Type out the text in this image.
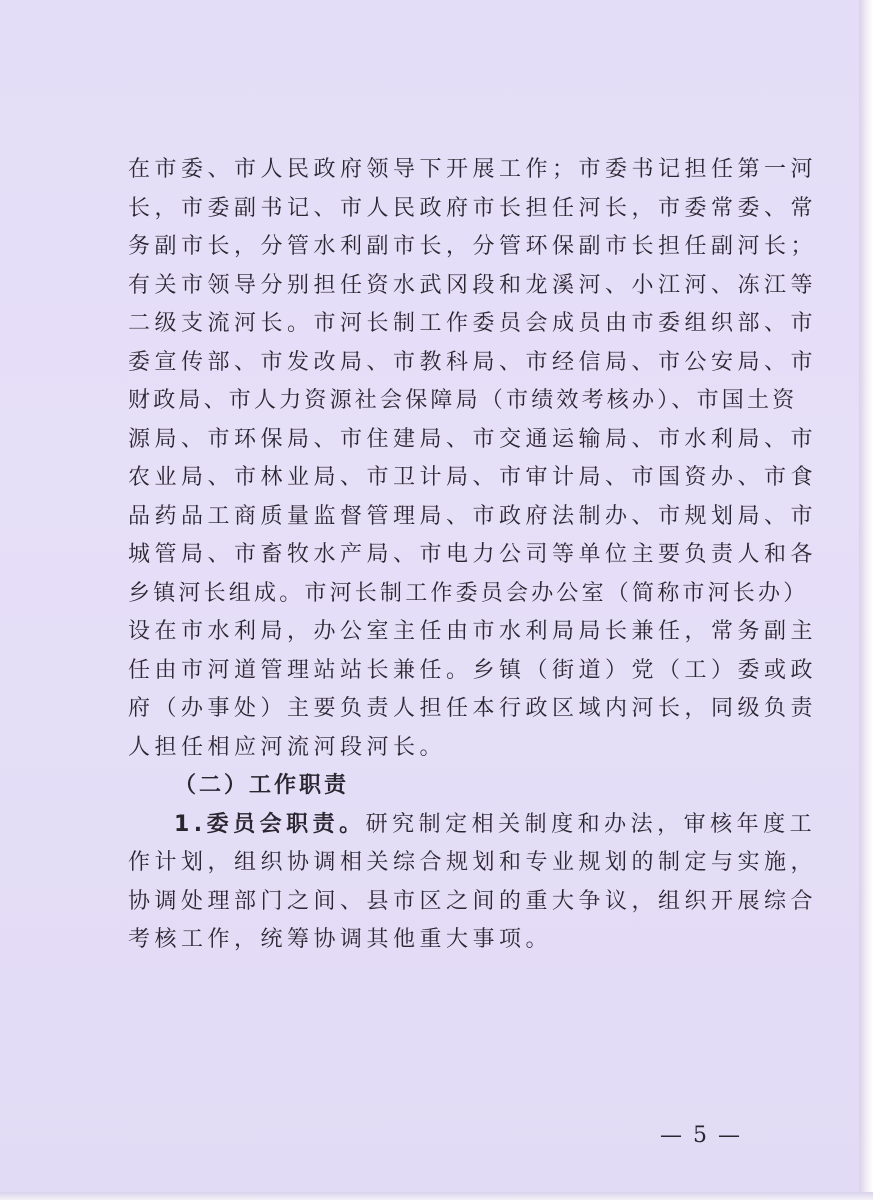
在市委、市人民政府领导下开展工作；市委书记担任第一河
长，市委副书记、市人民政府市长担任河长，市委常委、常
务副市长，分管水利副市长，分管环保副市长担任副河长；
有关市领导分别担任资水武冈段和龙溪河、小江河、冻江等
二级支流河长。市河长制工作委员会成员由市委组织部、市
委宣传部、市发改局、市教科局、市经信局、市公安局、市
财政局、市人力资源社会保障局（市绩效考核办）、市国土资
源局、市环保局、市住建局、市交通运输局、市水利局、市
农业局、市林业局、市卫计局、市审计局、市国资办、市食
品药品工商质量监督管理局、市政府法制办、市规划局、市
城管局、市畜牧水产局、市电力公司等单位主要负责人和各
乡镇河长组成。市河长制工作委员会办公室（简称市河长办）
设在市水利局，办公室主任由市水利局局长兼任，常务副主
任由市河道管理站站长兼任。乡镇（街道）党（工）委或政
府（办事处）主要负责人担任本行政区域内河长，同级负责
人担任相应河流河段河长。
（二）工作职责
1.委员会职责。研究制定相关制度和办法，审核年度工
作计划，组织协调相关综合规划和专业规划的制定与实施，
协调处理部门之间、县市区之间的重大争议，组织开展综合
考核工作，统筹协调其他重大事项。
— 5 —
